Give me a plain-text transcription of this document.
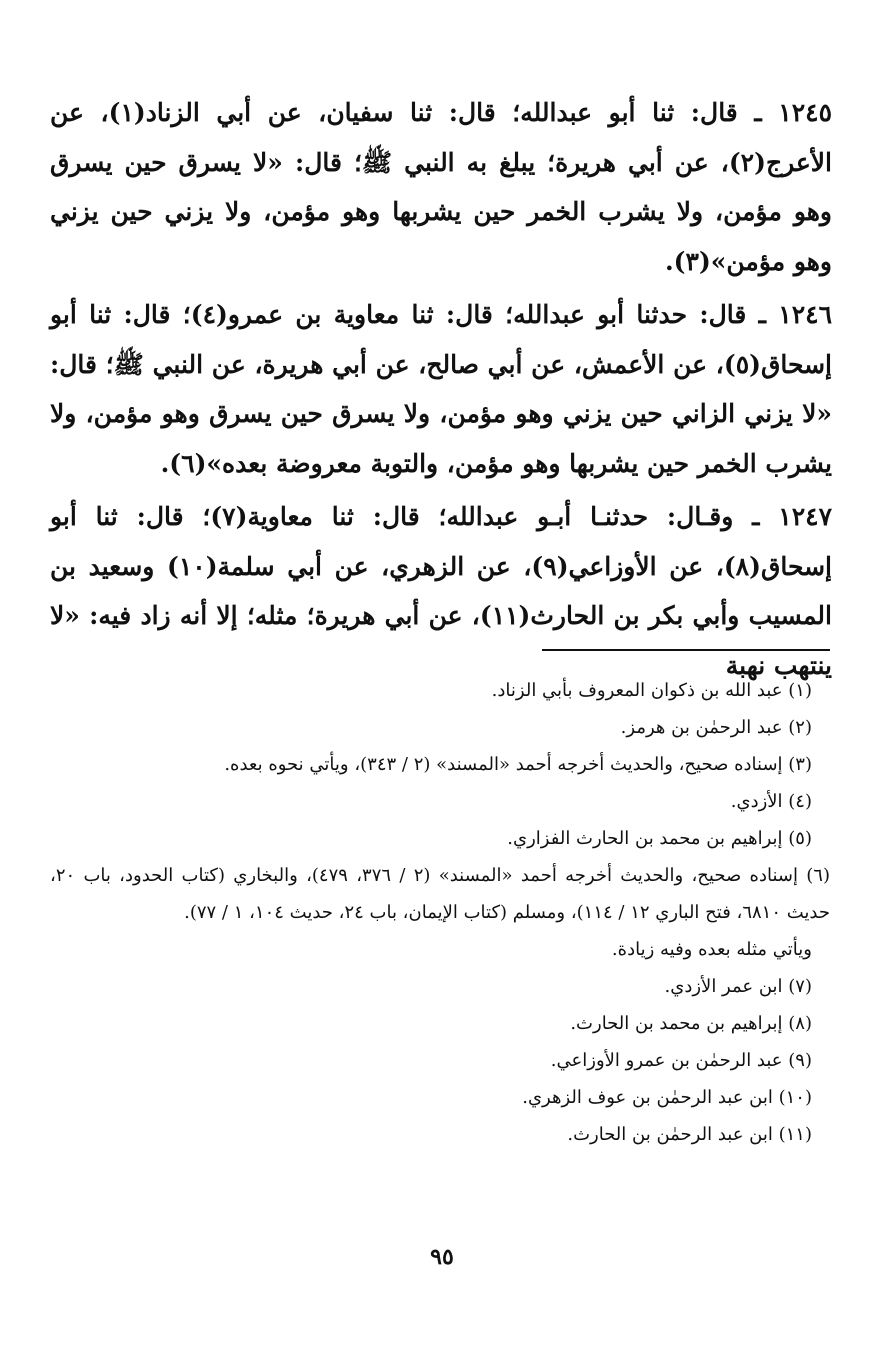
١٢٤٥ ـ قال: ثنا أبو عبدالله؛ قال: ثنا سفيان، عن أبي الزناد(١)، عن الأعرج(٢)، عن أبي هريرة؛ يبلغ به النبي ﷺ؛ قال: «لا يسرق حين يسرق وهو مؤمن، ولا يشرب الخمر حين يشربها وهو مؤمن، ولا يزني حين يزني وهو مؤمن»(٣).

١٢٤٦ ـ قال: حدثنا أبو عبدالله؛ قال: ثنا معاوية بن عمرو(٤)؛ قال: ثنا أبو إسحاق(٥)، عن الأعمش، عن أبي صالح، عن أبي هريرة، عن النبي ﷺ؛ قال: «لا يزني الزاني حين يزني وهو مؤمن، ولا يسرق حين يسرق وهو مؤمن، ولا يشرب الخمر حين يشربها وهو مؤمن، والتوبة معروضة بعده»(٦).

١٢٤٧ ـ وقـال: حدثنـا أبـو عبدالله؛ قال: ثنا معاوية(٧)؛ قال: ثنا أبو إسحاق(٨)، عن الأوزاعي(٩)، عن الزهري، عن أبي سلمة(١٠) وسعيد بن المسيب وأبي بكر بن الحارث(١١)، عن أبي هريرة؛ مثله؛ إلا أنه زاد فيه: «لا ينتهب نهبة

(١) عبد الله بن ذكوان المعروف بأبي الزناد.

(٢) عبد الرحمٰن بن هرمز.

(٣) إسناده صحيح، والحديث أخرجه أحمد «المسند» (٢ / ٣٤٣)، ويأتي نحوه بعده.

(٤) الأزدي.

(٥) إبراهيم بن محمد بن الحارث الفزاري.

(٦) إسناده صحيح، والحديث أخرجه أحمد «المسند» (٢ / ٣٧٦، ٤٧٩)، والبخاري (كتاب الحدود، باب ٢٠، حديث ٦٨١٠، فتح الباري ١٢ / ١١٤)، ومسلم (كتاب الإيمان، باب ٢٤، حديث ١٠٤، ١ / ٧٧).

ويأتي مثله بعده وفيه زيادة.

(٧) ابن عمر الأزدي.

(٨) إبراهيم بن محمد بن الحارث.

(٩) عبد الرحمٰن بن عمرو الأوزاعي.

(١٠) ابن عبد الرحمٰن بن عوف الزهري.

(١١) ابن عبد الرحمٰن بن الحارث.

٩٥
